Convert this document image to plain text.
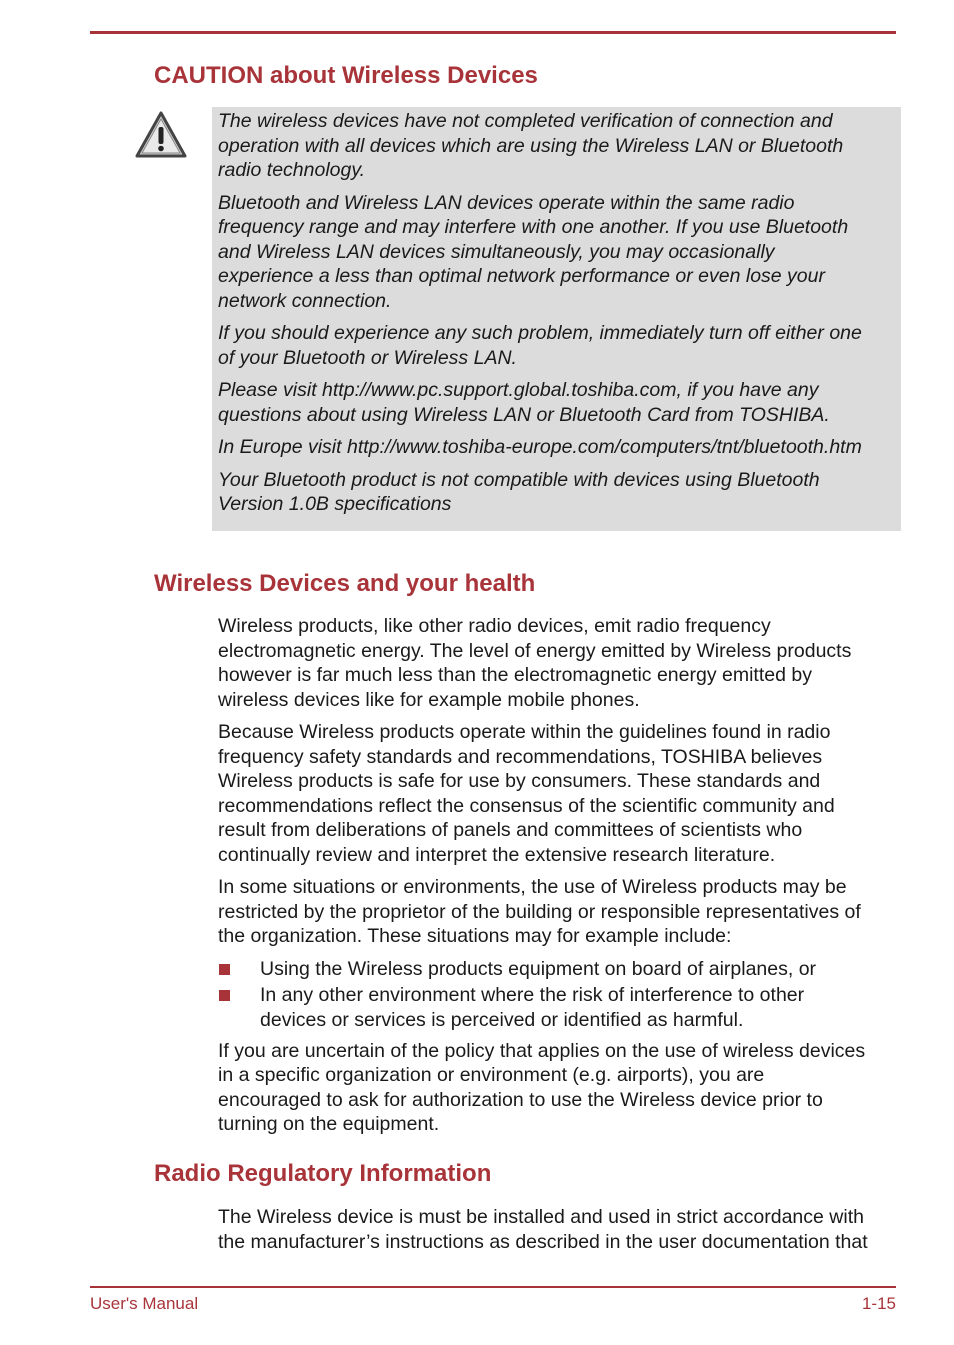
CAUTION about Wireless Devices

The wireless devices have not completed verification of connection and
operation with all devices which are using the Wireless LAN or Bluetooth
radio technology.

Bluetooth and Wireless LAN devices operate within the same radio
frequency range and may interfere with one another. If you use Bluetooth
and Wireless LAN devices simultaneously, you may occasionally
experience a less than optimal network performance or even lose your
network connection.

If you should experience any such problem, immediately turn off either one
of your Bluetooth or Wireless LAN.

Please visit http://www.pc.support.global.toshiba.com, if you have any
questions about using Wireless LAN or Bluetooth Card from TOSHIBA.

In Europe visit http://www.toshiba-europe.com/computers/tnt/bluetooth.htm

Your Bluetooth product is not compatible with devices using Bluetooth
Version 1.0B specifications

Wireless Devices and your health

Wireless products, like other radio devices, emit radio frequency
electromagnetic energy. The level of energy emitted by Wireless products
however is far much less than the electromagnetic energy emitted by
wireless devices like for example mobile phones.

Because Wireless products operate within the guidelines found in radio
frequency safety standards and recommendations, TOSHIBA believes
Wireless products is safe for use by consumers. These standards and
recommendations reflect the consensus of the scientific community and
result from deliberations of panels and committees of scientists who
continually review and interpret the extensive research literature.

In some situations or environments, the use of Wireless products may be
restricted by the proprietor of the building or responsible representatives of
the organization. These situations may for example include:

Using the Wireless products equipment on board of airplanes, or
In any other environment where the risk of interference to other
devices or services is perceived or identified as harmful.

If you are uncertain of the policy that applies on the use of wireless devices
in a specific organization or environment (e.g. airports), you are
encouraged to ask for authorization to use the Wireless device prior to
turning on the equipment.

Radio Regulatory Information

The Wireless device is must be installed and used in strict accordance with
the manufacturer’s instructions as described in the user documentation that

User's Manual	1-15
